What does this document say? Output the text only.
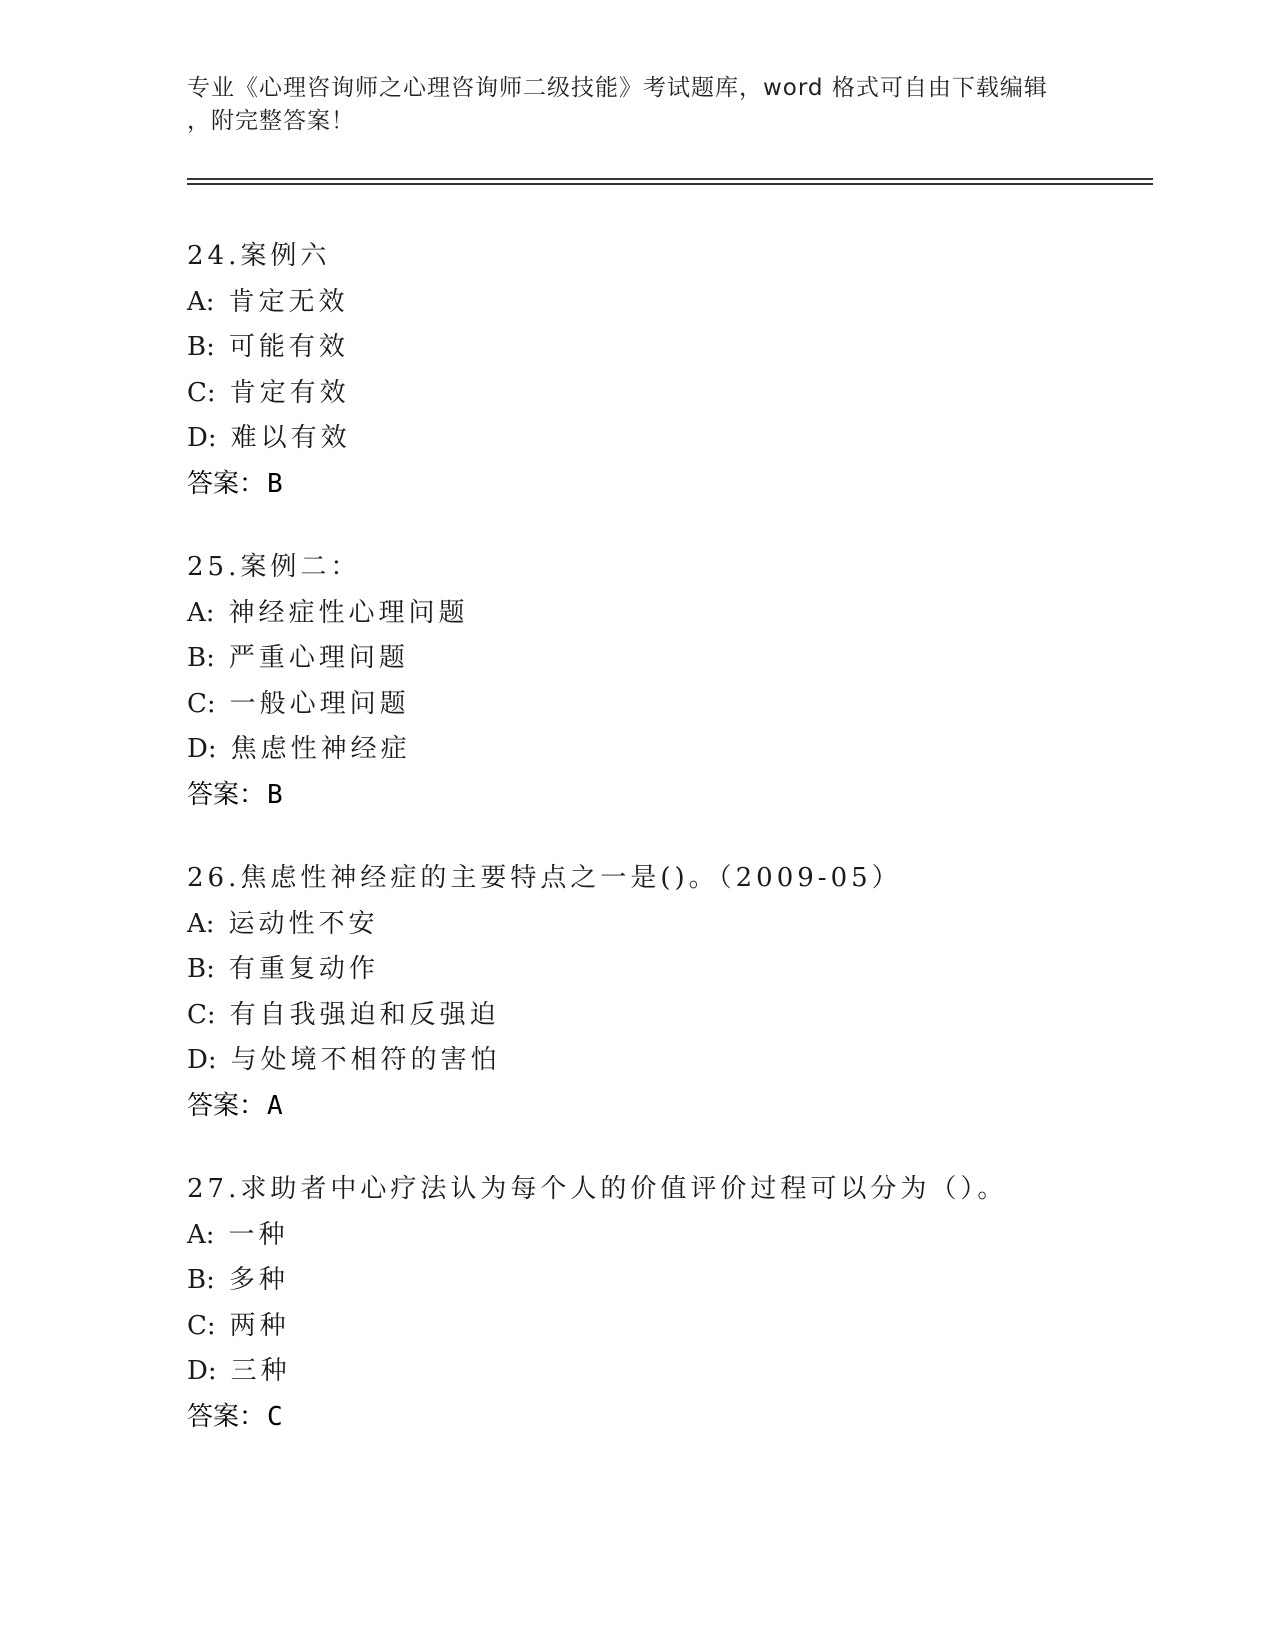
专业《心理咨询师之心理咨询师二级技能》考试题库，word 格式可自由下载编辑
，附完整答案！
24.案例六
A: 肯定无效
B: 可能有效
C: 肯定有效
D: 难以有效
答案：B
25.案例二：
A: 神经症性心理问题
B: 严重心理问题
C: 一般心理问题
D: 焦虑性神经症
答案：B
26.焦虑性神经症的主要特点之一是()。（2009-05）
A: 运动性不安
B: 有重复动作
C: 有自我强迫和反强迫
D: 与处境不相符的害怕
答案：A
27.求助者中心疗法认为每个人的价值评价过程可以分为（）。
A: 一种
B: 多种
C: 两种
D: 三种
答案：C
